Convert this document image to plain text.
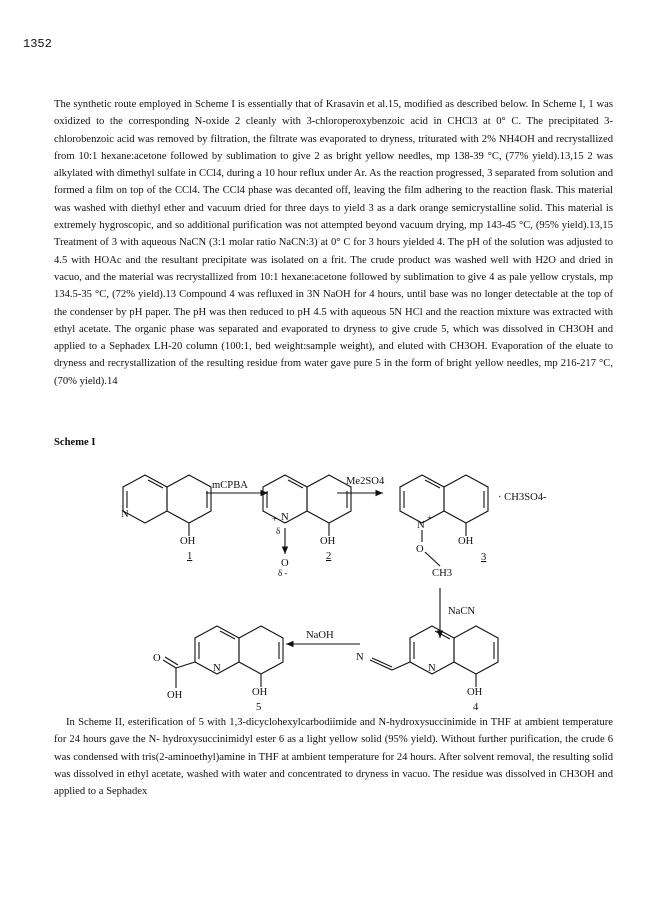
1352

The synthetic route employed in Scheme I is essentially that of Krasavin et al.15, modified as described below. In Scheme I, 1 was oxidized to the corresponding N-oxide 2 cleanly with 3-chloroperoxybenzoic acid in CHCl3 at 0° C. The precipitated 3- chlorobenzoic acid was removed by filtration, the filtrate was evaporated to dryness, triturated with 2% NH4OH and recrystallized from 10:1 hexane:acetone followed by sublimation to give 2 as bright yellow needles, mp 138-39 °C, (77% yield).13,15 2 was alkylated with dimethyl sulfate in CCl4, during a 10 hour reflux under Ar. As the reaction progressed, 3 separated from solution and formed a film on top of the CCl4. The CCl4 phase was decanted off, leaving the film adhering to the reaction flask. This material was washed with diethyl ether and vacuum dried for three days to yield 3 as a dark orange semicrystalline solid. This material is extremely hygroscopic, and so additional purification was not attempted beyond vacuum drying, mp 143-45 °C, (95% yield).13,15 Treatment of 3 with aqueous NaCN (3:1 molar ratio NaCN:3) at 0° C for 3 hours yielded 4. The pH of the solution was adjusted to 4.5 with HOAc and the resultant precipitate was isolated on a frit. The crude product was washed well with H2O and dried in vacuo, and the material was recrystallized from 10:1 hexane:acetone followed by sublimation to give 4 as pale yellow crystals, mp 134.5-35 °C, (72% yield).13 Compound 4 was refluxed in 3N NaOH for 4 hours, until base was no longer detectable at the top of the condenser by pH paper. The pH was then reduced to pH 4.5 with aqueous 5N HCl and the reaction mixture was extracted with ethyl acetate. The organic phase was separated and evaporated to dryness to give crude 5, which was dissolved in CH3OH and applied to a Sephadex LH-20 column (100:1, bed weight:sample weight), and eluted with CH3OH. Evaporation of the eluate to dryness and recrystallization of the resulting residue from water gave pure 5 in the form of bright yellow needles, mp 216-217 °C, (70% yield).14

Scheme I
N
OH
1
mCPBA
N
+
δ
OH
O
δ -
2
Me2SO4
N
+
O
OH
CH3
3
· CH3SO4-
NaCN
N
N
OH
4
NaOH
O
N
OH	OH
5

In Scheme II, esterification of 5 with 1,3-dicyclohexylcarbodiimide and N-hydroxysuccinimide in THF at ambient temperature for 24 hours gave the N- hydroxysuccinimidyl ester 6 as a light yellow solid (95% yield). Without further purification, the crude 6 was condensed with tris(2-aminoethyl)amine in THF at ambient temperature for 24 hours. After solvent removal, the resulting solid was dissolved in ethyl acetate, washed with water and concentrated to dryness in vacuo. The residue was dissolved in CH3OH and applied to a Sephadex
